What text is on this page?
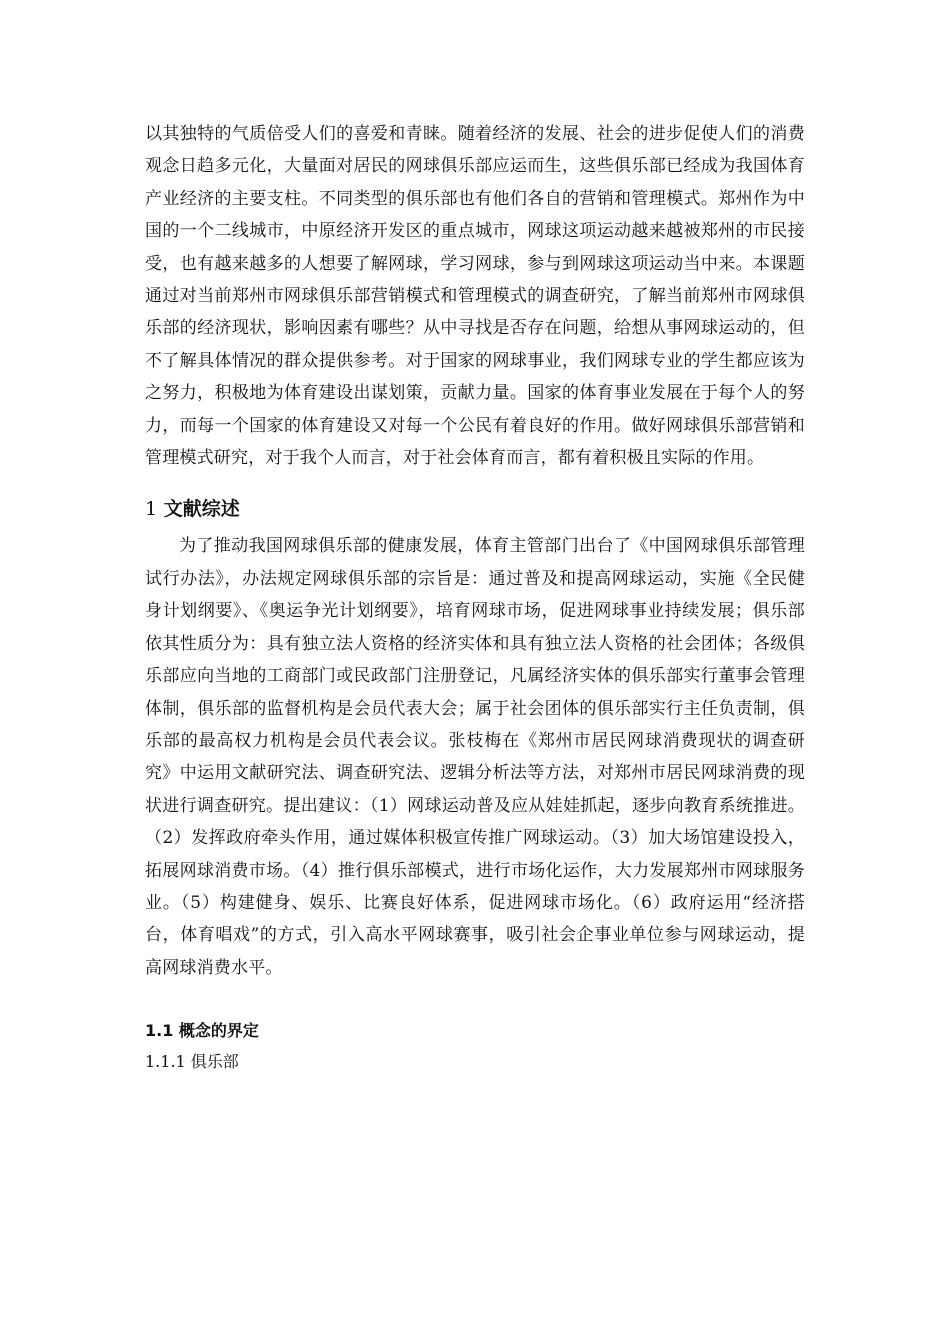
以其独特的气质倍受人们的喜爱和青睐。随着经济的发展、社会的进步促使人们的消费观念日趋多元化，大量面对居民的网球俱乐部应运而生，这些俱乐部已经成为我国体育产业经济的主要支柱。不同类型的俱乐部也有他们各自的营销和管理模式。郑州作为中国的一个二线城市，中原经济开发区的重点城市，网球这项运动越来越被郑州的市民接受，也有越来越多的人想要了解网球，学习网球，参与到网球这项运动当中来。本课题通过对当前郑州市网球俱乐部营销模式和管理模式的调查研究，了解当前郑州市网球俱乐部的经济现状，影响因素有哪些？从中寻找是否存在问题，给想从事网球运动的，但不了解具体情况的群众提供参考。对于国家的网球事业，我们网球专业的学生都应该为之努力，积极地为体育建设出谋划策，贡献力量。国家的体育事业发展在于每个人的努力，而每一个国家的体育建设又对每一个公民有着良好的作用。做好网球俱乐部营销和管理模式研究，对于我个人而言，对于社会体育而言，都有着积极且实际的作用。

1 文献综述

为了推动我国网球俱乐部的健康发展，体育主管部门出台了《中国网球俱乐部管理试行办法》，办法规定网球俱乐部的宗旨是：通过普及和提高网球运动，实施《全民健身计划纲要》、《奥运争光计划纲要》，培育网球市场，促进网球事业持续发展；俱乐部依其性质分为：具有独立法人资格的经济实体和具有独立法人资格的社会团体；各级俱乐部应向当地的工商部门或民政部门注册登记，凡属经济实体的俱乐部实行董事会管理体制，俱乐部的监督机构是会员代表大会；属于社会团体的俱乐部实行主任负责制，俱乐部的最高权力机构是会员代表会议。张枝梅在《郑州市居民网球消费现状的调查研究》中运用文献研究法、调查研究法、逻辑分析法等方法，对郑州市居民网球消费的现状进行调查研究。提出建议：（1）网球运动普及应从娃娃抓起，逐步向教育系统推进。（2）发挥政府牵头作用，通过媒体积极宣传推广网球运动。（3）加大场馆建设投入，拓展网球消费市场。（4）推行俱乐部模式，进行市场化运作，大力发展郑州市网球服务业。（5）构建健身、娱乐、比赛良好体系，促进网球市场化。（6）政府运用“经济搭台，体育唱戏”的方式，引入高水平网球赛事，吸引社会企事业单位参与网球运动，提高网球消费水平。

1.1 概念的界定
1.1.1 俱乐部
